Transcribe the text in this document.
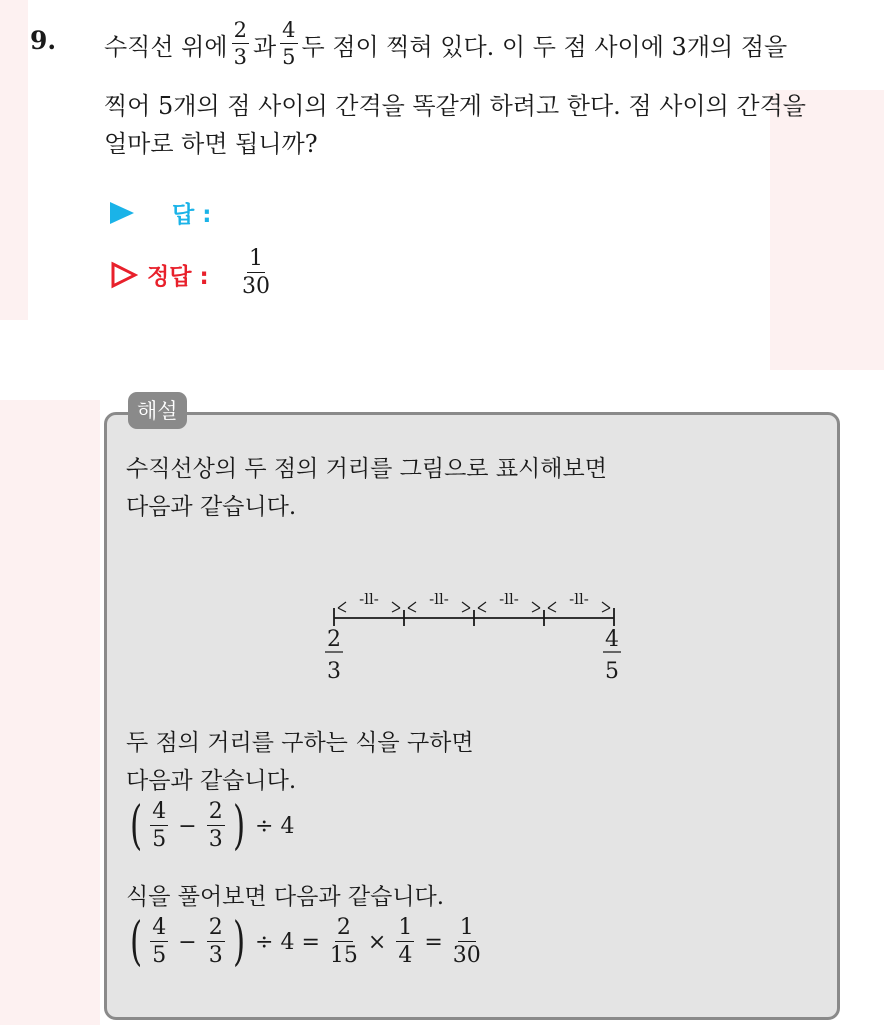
9. 수직선 위에 $\frac{2}{3}$ 과 $\frac{4}{5}$ 두 점이 찍혀 있다. 이 두 점 사이에 3개의 점을
찍어 5개의 점 사이의 간격을 똑같게 하려고 한다. 점 사이의 간격을
얼마로 하면 됩니까?
답 :
정답 : $\frac{1}{30}$
해설
수직선상의 두 점의 거리를 그림으로 표시해보면
다음과 같습니다.
-ll-	-ll-	-ll-	-ll-
2
3
4
5
두 점의 거리를 구하는 식을 구하면
다음과 같습니다.
( $\frac{4}{5} - \frac{2}{3}$ ) ÷ 4
식을 풀어보면 다음과 같습니다.
( $\frac{4}{5} - \frac{2}{3}$ ) ÷ $4 = \frac{2}{15} \times \frac{1}{4} = \frac{1}{30}$
